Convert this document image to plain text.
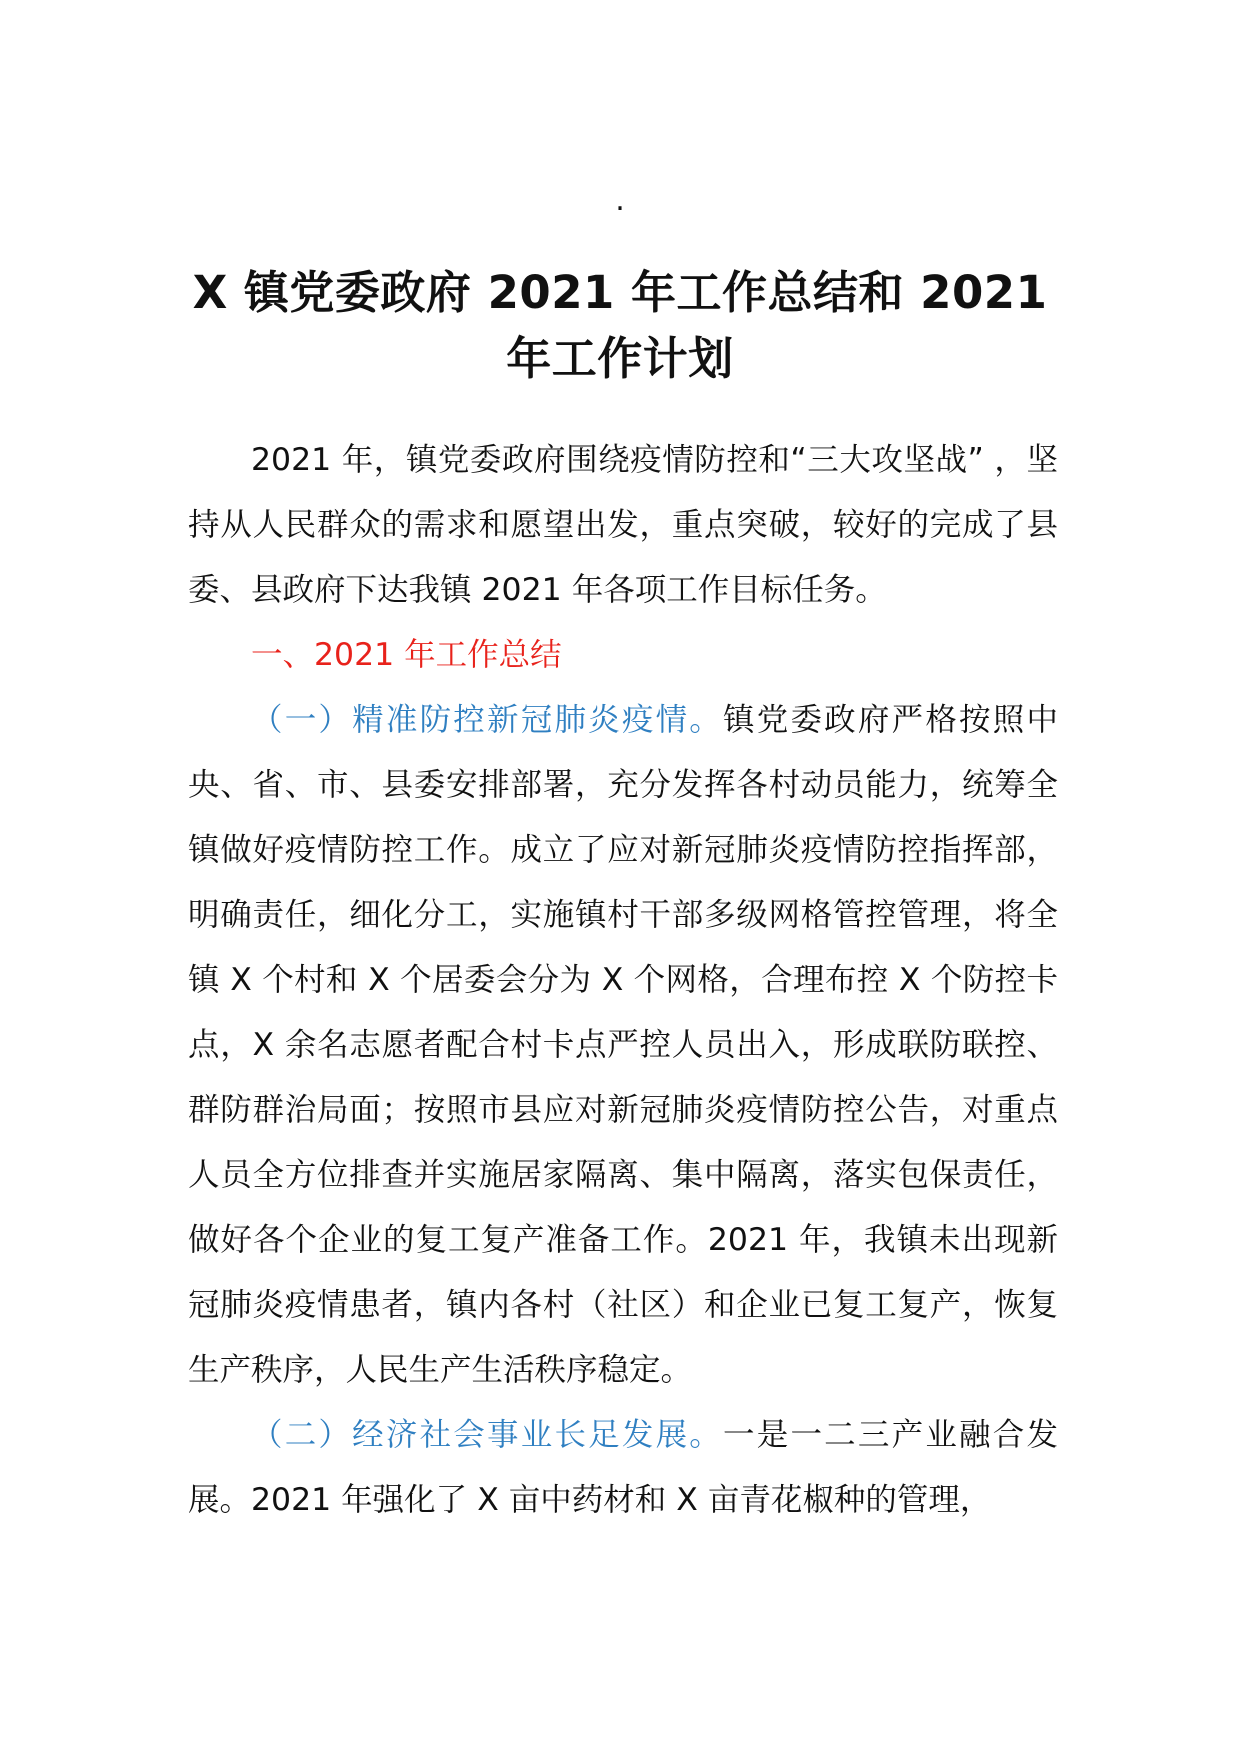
.
X 镇党委政府 2021 年工作总结和 2021
年工作计划

2021 年，镇党委政府围绕疫情防控和“三大攻坚战” ，坚持从人民群众的需求和愿望出发，重点突破，较好的完成了县委、县政府下达我镇 2021 年各项工作目标任务。

一、2021 年工作总结

（一）精准防控新冠肺炎疫情。镇党委政府严格按照中央、省、市、县委安排部署，充分发挥各村动员能力，统筹全镇做好疫情防控工作。成立了应对新冠肺炎疫情防控指挥部，明确责任，细化分工，实施镇村干部多级网格管控管理，将全镇 X 个村和 X 个居委会分为 X 个网格，合理布控 X 个防控卡点，X 余名志愿者配合村卡点严控人员出入，形成联防联控、群防群治局面；按照市县应对新冠肺炎疫情防控公告，对重点人员全方位排查并实施居家隔离、集中隔离，落实包保责任，做好各个企业的复工复产准备工作。2021 年，我镇未出现新冠肺炎疫情患者，镇内各村（社区）和企业已复工复产，恢复生产秩序，人民生产生活秩序稳定。

（二）经济社会事业长足发展。一是一二三产业融合发展。2021 年强化了 X 亩中药材和 X 亩青花椒种的管理，
